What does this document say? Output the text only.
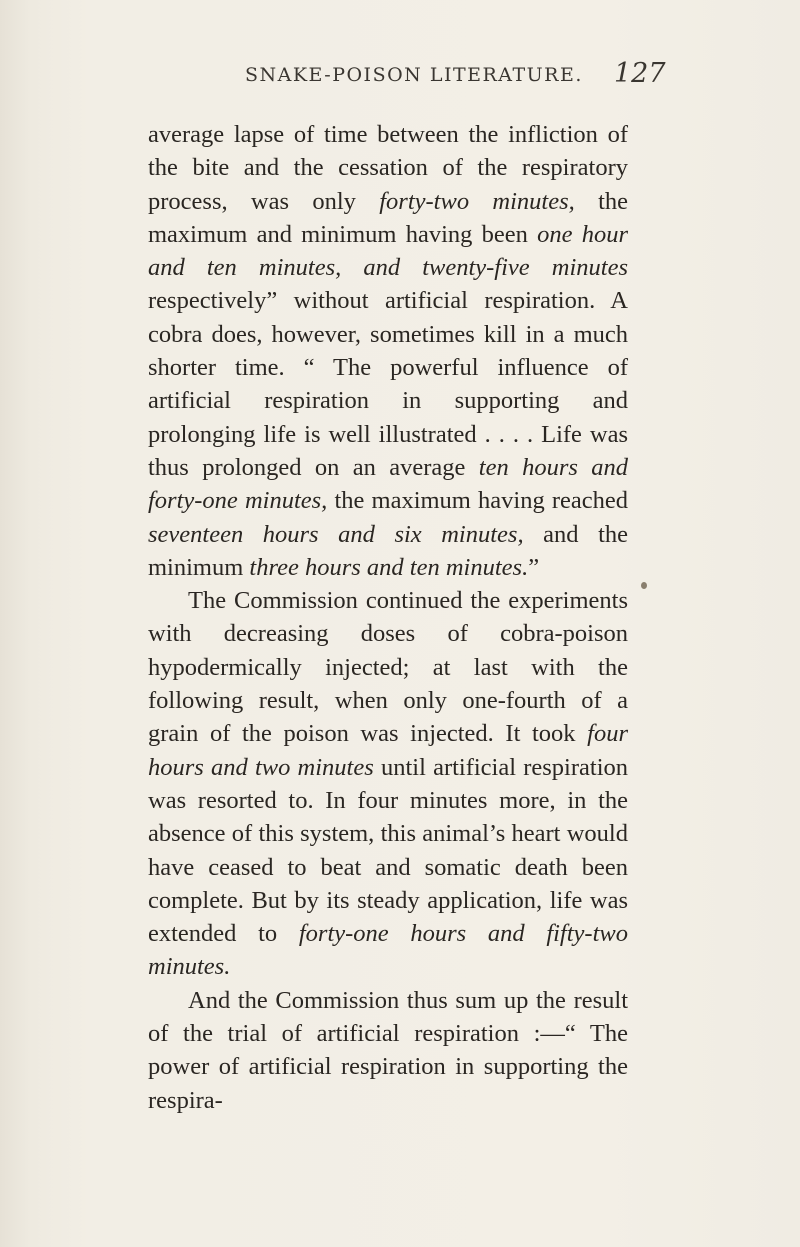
SNAKE-POISON LITERATURE. 127

average lapse of time between the infliction of the bite and the cessation of the respiratory process, was only forty-two minutes, the maximum and minimum having been one hour and ten minutes, and twenty-five minutes respectively” without artificial respiration. A cobra does, however, sometimes kill in a much shorter time. “ The powerful influence of artificial respiration in supporting and prolonging life is well illustrated . . . . Life was thus prolonged on an average ten hours and forty-one minutes, the maximum having reached seventeen hours and six minutes, and the minimum three hours and ten minutes.”

The Commission continued the experiments with decreasing doses of cobra-poison hypodermically injected; at last with the following result, when only one-fourth of a grain of the poison was injected. It took four hours and two minutes until artificial respiration was resorted to. In four minutes more, in the absence of this system, this animal’s heart would have ceased to beat and somatic death been complete. But by its steady application, life was extended to forty-one hours and fifty-two minutes.

And the Commission thus sum up the result of the trial of artificial respiration :—“ The power of artificial respiration in supporting the respira-
